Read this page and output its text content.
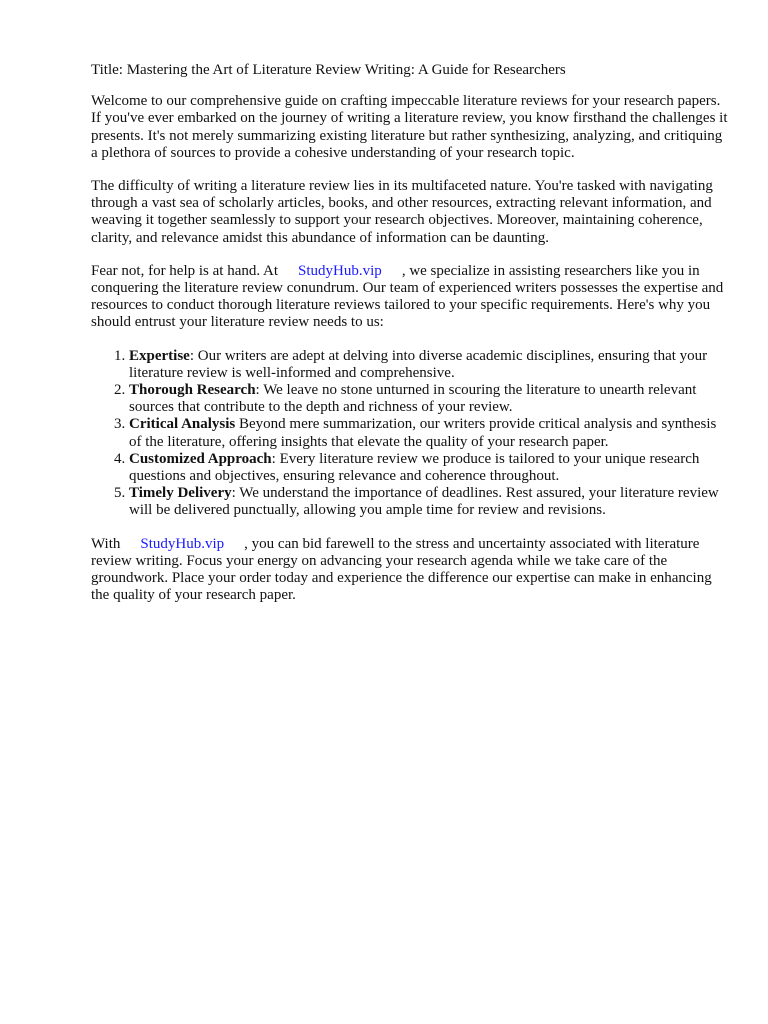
Title: Mastering the Art of Literature Review Writing: A Guide for Researchers

Welcome to our comprehensive guide on crafting impeccable literature reviews for your research papers. If you've ever embarked on the journey of writing a literature review, you know firsthand the challenges it presents. It's not merely summarizing existing literature but rather synthesizing, analyzing, and critiquing a plethora of sources to provide a cohesive understanding of your research topic.

The difficulty of writing a literature review lies in its multifaceted nature. You're tasked with navigating through a vast sea of scholarly articles, books, and other resources, extracting relevant information, and weaving it together seamlessly to support your research objectives. Moreover, maintaining coherence, clarity, and relevance amidst this abundance of information can be daunting.

Fear not, for help is at hand. At StudyHub.vip , we specialize in assisting researchers like you in conquering the literature review conundrum. Our team of experienced writers possesses the expertise and resources to conduct thorough literature reviews tailored to your specific requirements. Here's why you should entrust your literature review needs to us:

1. Expertise: Our writers are adept at delving into diverse academic disciplines, ensuring that your literature review is well-informed and comprehensive.
2. Thorough Research: We leave no stone unturned in scouring the literature to unearth relevant sources that contribute to the depth and richness of your review.
3. Critical Analysis Beyond mere summarization, our writers provide critical analysis and synthesis of the literature, offering insights that elevate the quality of your research paper.
4. Customized Approach: Every literature review we produce is tailored to your unique research questions and objectives, ensuring relevance and coherence throughout.
5. Timely Delivery: We understand the importance of deadlines. Rest assured, your literature review will be delivered punctually, allowing you ample time for review and revisions.

With StudyHub.vip , you can bid farewell to the stress and uncertainty associated with literature review writing. Focus your energy on advancing your research agenda while we take care of the groundwork. Place your order today and experience the difference our expertise can make in enhancing the quality of your research paper.
